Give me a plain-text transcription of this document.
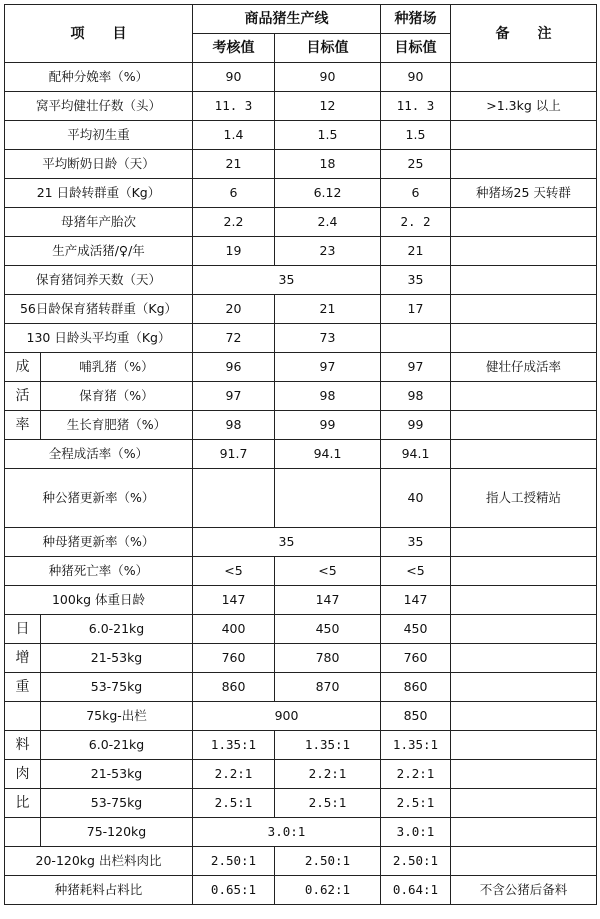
项　　目		商品猪生产线		种猪场	备　　注
		考核值	目标值	目标值	
配种分娩率（%）		90	90	90	
窝平均健壮仔数（头）		11. 3	12	11. 3	>1.3kg 以上
平均初生重		1.4	1.5	1.5	
平均断奶日龄（天）		21	18	25	
21 日龄转群重（Kg）		6	6.12	6	种猪场25 天转群
母猪年产胎次		2.2	2.4	2. 2	
生产成活猪/♀/年		19	23	21	
保育猪饲养天数（天）		35		35	
56日龄保育猪转群重（Kg）		20	21	17	
130 日龄头平均重（Kg）		72	73		
成	哺乳猪（%）	96	97	97	健壮仔成活率
活	保育猪（%）	97	98	98	
率	生长育肥猪（%）	98	99	99	
全程成活率（%）		91.7	94.1	94.1	
种公猪更新率（%）				40	指人工授精站
种母猪更新率（%）		35		35	
种猪死亡率（%）		<5	<5	<5	
100kg 体重日龄		147	147	147	
日	6.0-21kg	400	450	450	
增	21-53kg	760	780	760	
重	53-75kg	860	870	860	
	75kg-出栏	900		850	
料	6.0-21kg	1.35:1	1.35:1	1.35:1	
肉	21-53kg	2.2:1	2.2:1	2.2:1	
比	53-75kg	2.5:1	2.5:1	2.5:1	
	75-120kg	3.0:1		3.0:1	
20-120kg 出栏料肉比		2.50:1	2.50:1	2.50:1	
种猪耗料占料比		0.65:1	0.62:1	0.64:1	不含公猪后备料
